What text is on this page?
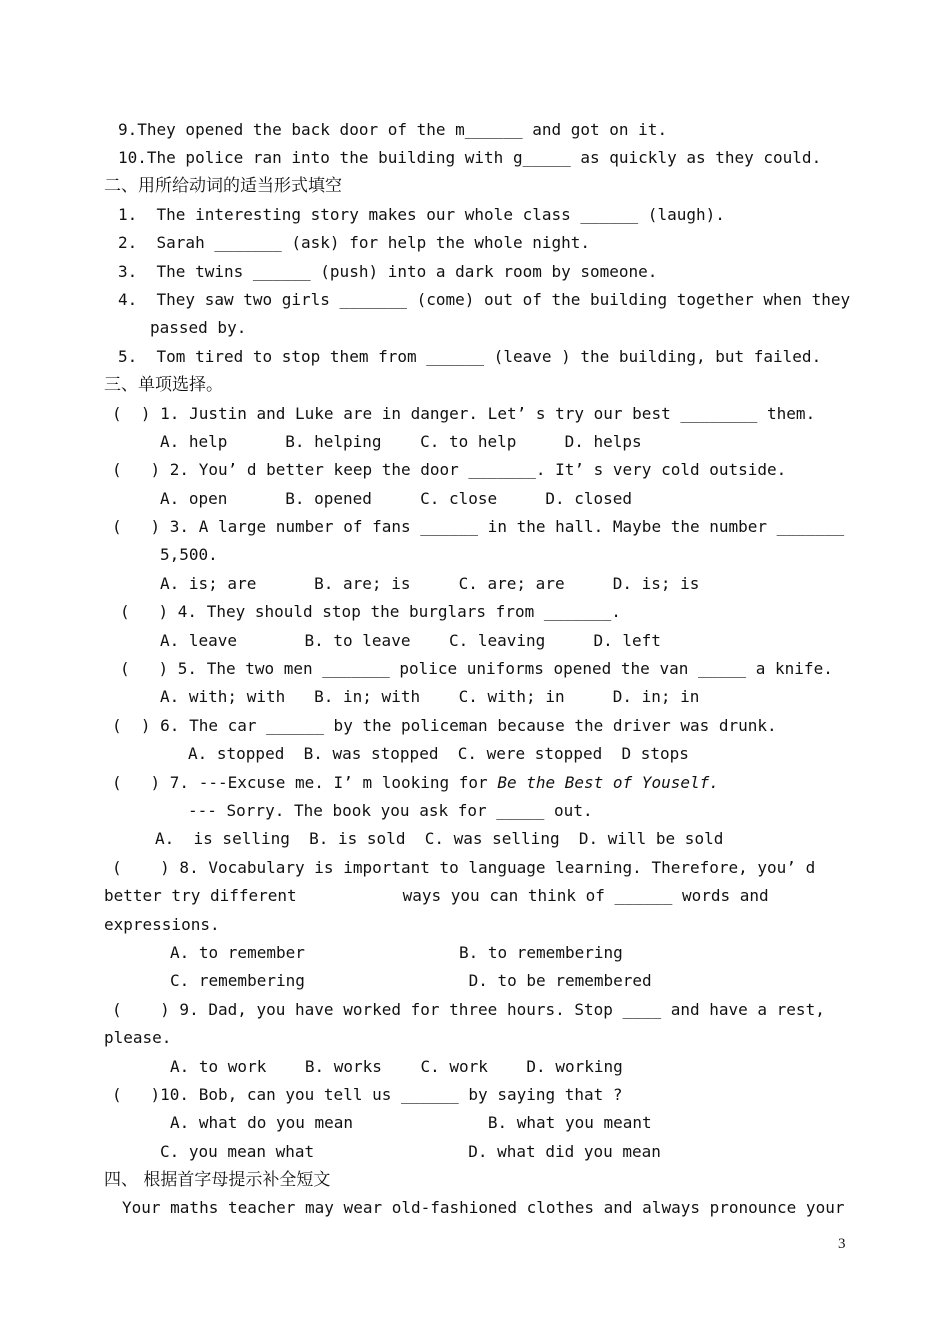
9.They opened the back door of the m______ and got on it.
10.The police ran into the building with g_____ as quickly as they could.
二、用所给动词的适当形式填空
1.  The interesting story makes our whole class ______ (laugh).
2.  Sarah _______ (ask) for help the whole night.
3.  The twins ______ (push) into a dark room by someone.
4.  They saw two girls _______ (come) out of the building together when they
passed by.
5.  Tom tired to stop them from ______ (leave ) the building, but failed.
三、单项选择。
(  ) 1. Justin and Luke are in danger. Let’ s try our best ________ them.
A. help      B. helping    C. to help     D. helps
(   ) 2. You’ d better keep the door _______. It’ s very cold outside.
A. open      B. opened     C. close     D. closed
(   ) 3. A large number of fans ______ in the hall. Maybe the number _______
5,500.
A. is; are      B. are; is     C. are; are     D. is; is
(   ) 4. They should stop the burglars from _______.
A. leave       B. to leave    C. leaving     D. left
(   ) 5. The two men _______ police uniforms opened the van _____ a knife.
A. with; with   B. in; with    C. with; in     D. in; in
(  ) 6. The car ______ by the policeman because the driver was drunk.
A. stopped  B. was stopped  C. were stopped  D stops
(   ) 7. ---Excuse me. I’ m looking for Be the Best of Youself.
--- Sorry. The book you ask for _____ out.
A.  is selling  B. is sold  C. was selling  D. will be sold
(    ) 8. Vocabulary is important to language learning. Therefore, you’ d
better try different           ways you can think of ______ words and
expressions.
A. to remember                B. to remembering
C. remembering                 D. to be remembered
(    ) 9. Dad, you have worked for three hours. Stop ____ and have a rest,
please.
A. to work    B. works    C. work    D. working
(   )10. Bob, can you tell us ______ by saying that ?
A. what do you mean              B. what you meant
C. you mean what                D. what did you mean
四、 根据首字母提示补全短文
Your maths teacher may wear old-fashioned clothes and always pronounce your
3
